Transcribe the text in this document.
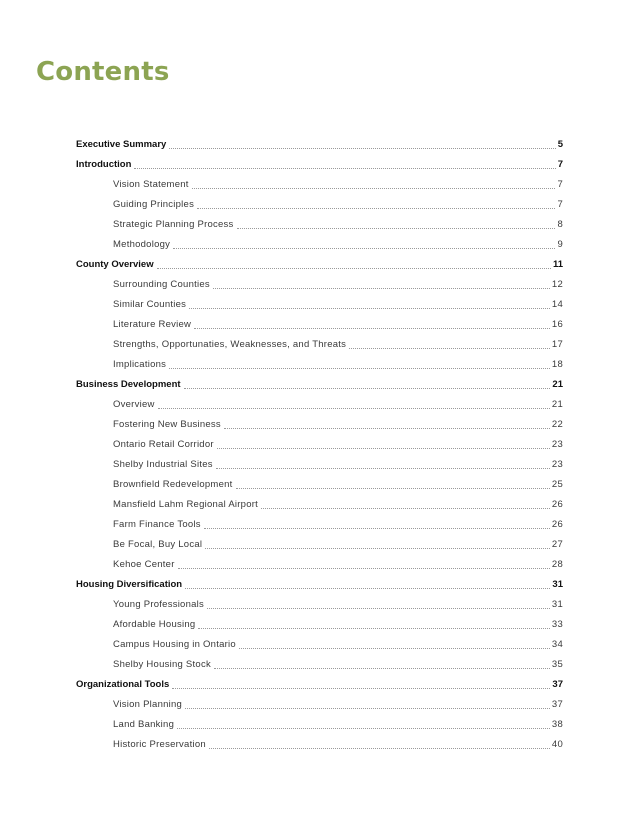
Contents
Executive Summary	5
Introduction	7
Vision Statement	7
Guiding Principles	7
Strategic Planning Process	8
Methodology	9
County Overview	11
Surrounding Counties	12
Similar Counties	14
Literature Review	16
Strengths, Opportunaties, Weaknesses, and Threats	17
Implications	18
Business Development	21
Overview	21
Fostering New Business	22
Ontario Retail Corridor	23
Shelby Industrial Sites	23
Brownfield Redevelopment	25
Mansfield Lahm Regional Airport	26
Farm Finance Tools	26
Be Focal, Buy Local	27
Kehoe Center	28
Housing Diversification	31
Young Professionals	31
Afordable Housing	33
Campus Housing in Ontario	34
Shelby Housing Stock	35
Organizational Tools	37
Vision Planning	37
Land Banking	38
Historic Preservation	40
